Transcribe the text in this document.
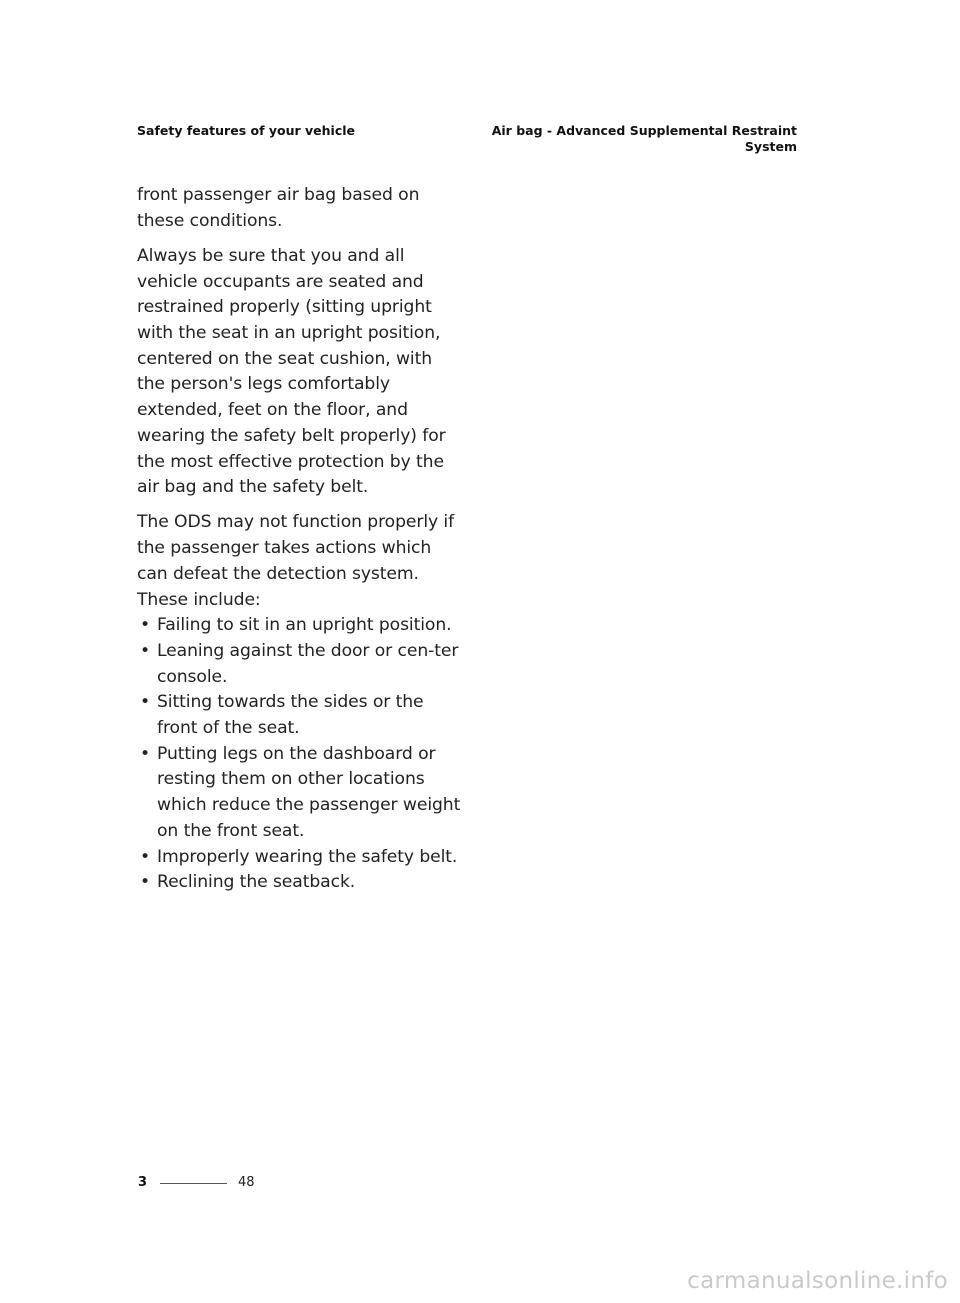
Safety features of your vehicle	Air bag - Advanced Supplemental Restraint
System

front passenger air bag based on these conditions.

Always be sure that you and all vehicle occupants are seated and restrained properly (sitting upright with the seat in an upright position, centered on the seat cushion, with the person's legs comfortably extended, feet on the floor, and wearing the safety belt properly) for the most effective protection by the air bag and the safety belt.

The ODS may not function properly if the passenger takes actions which can defeat the detection system. These include:

• Failing to sit in an upright position.
• Leaning against the door or cen-ter console.
• Sitting towards the sides or the front of the seat.
• Putting legs on the dashboard or resting them on other locations which reduce the passenger weight on the front seat.
• Improperly wearing the safety belt.
• Reclining the seatback.
3	48
carmanualsonline.info
